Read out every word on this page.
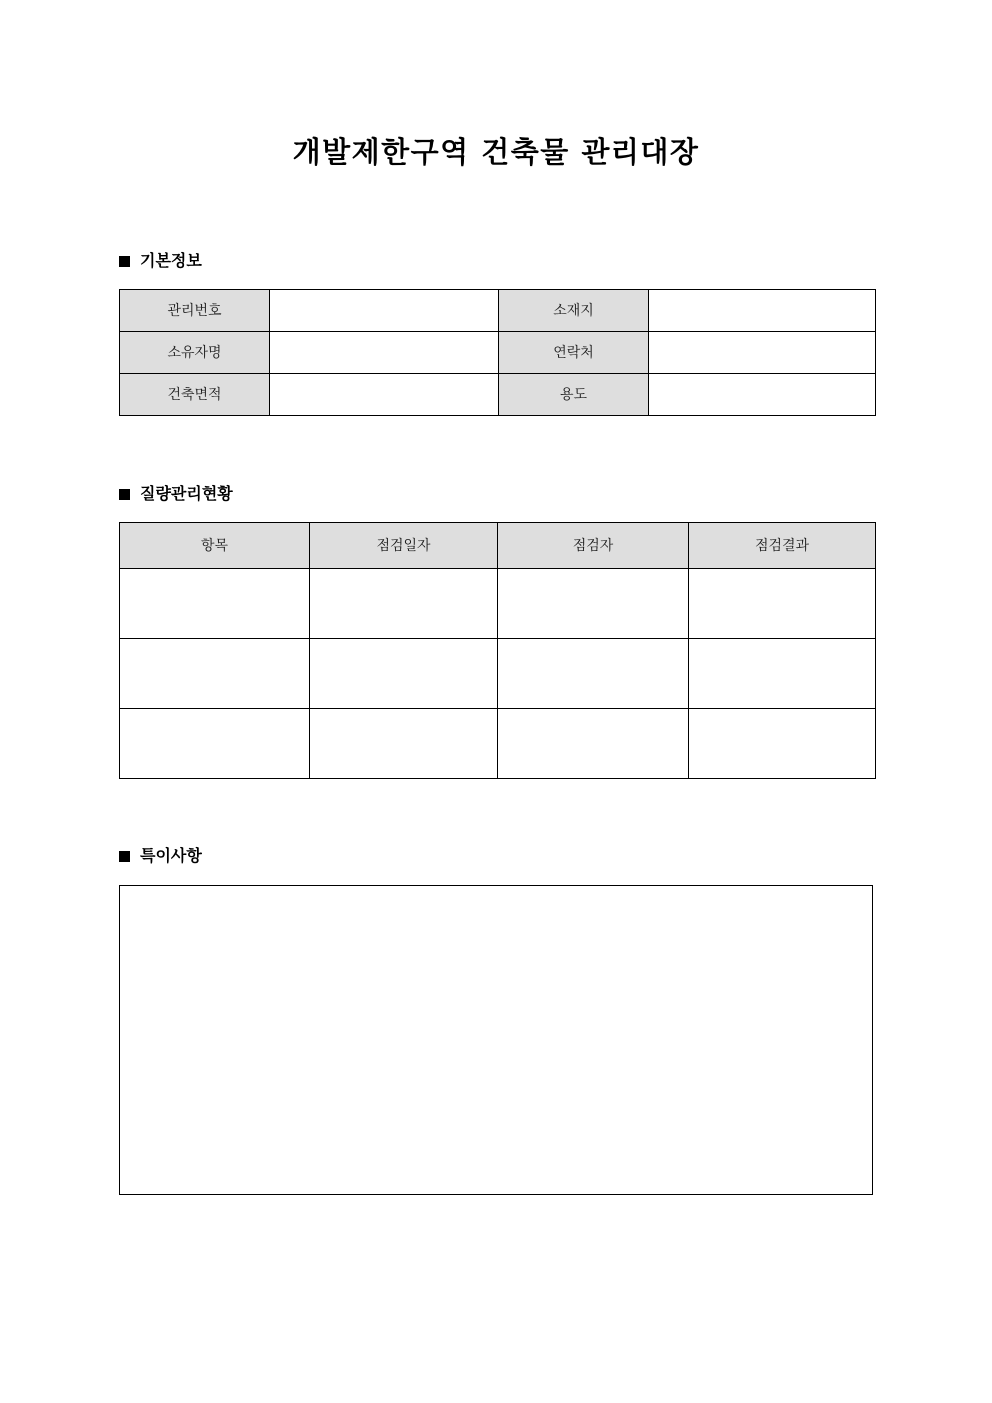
개발제한구역 건축물 관리대장
기본정보
관리번호		소재지	
소유자명		연락처	
건축면적		용도	
질량관리현황
항목	점검일자	점검자	점검결과

특이사항
